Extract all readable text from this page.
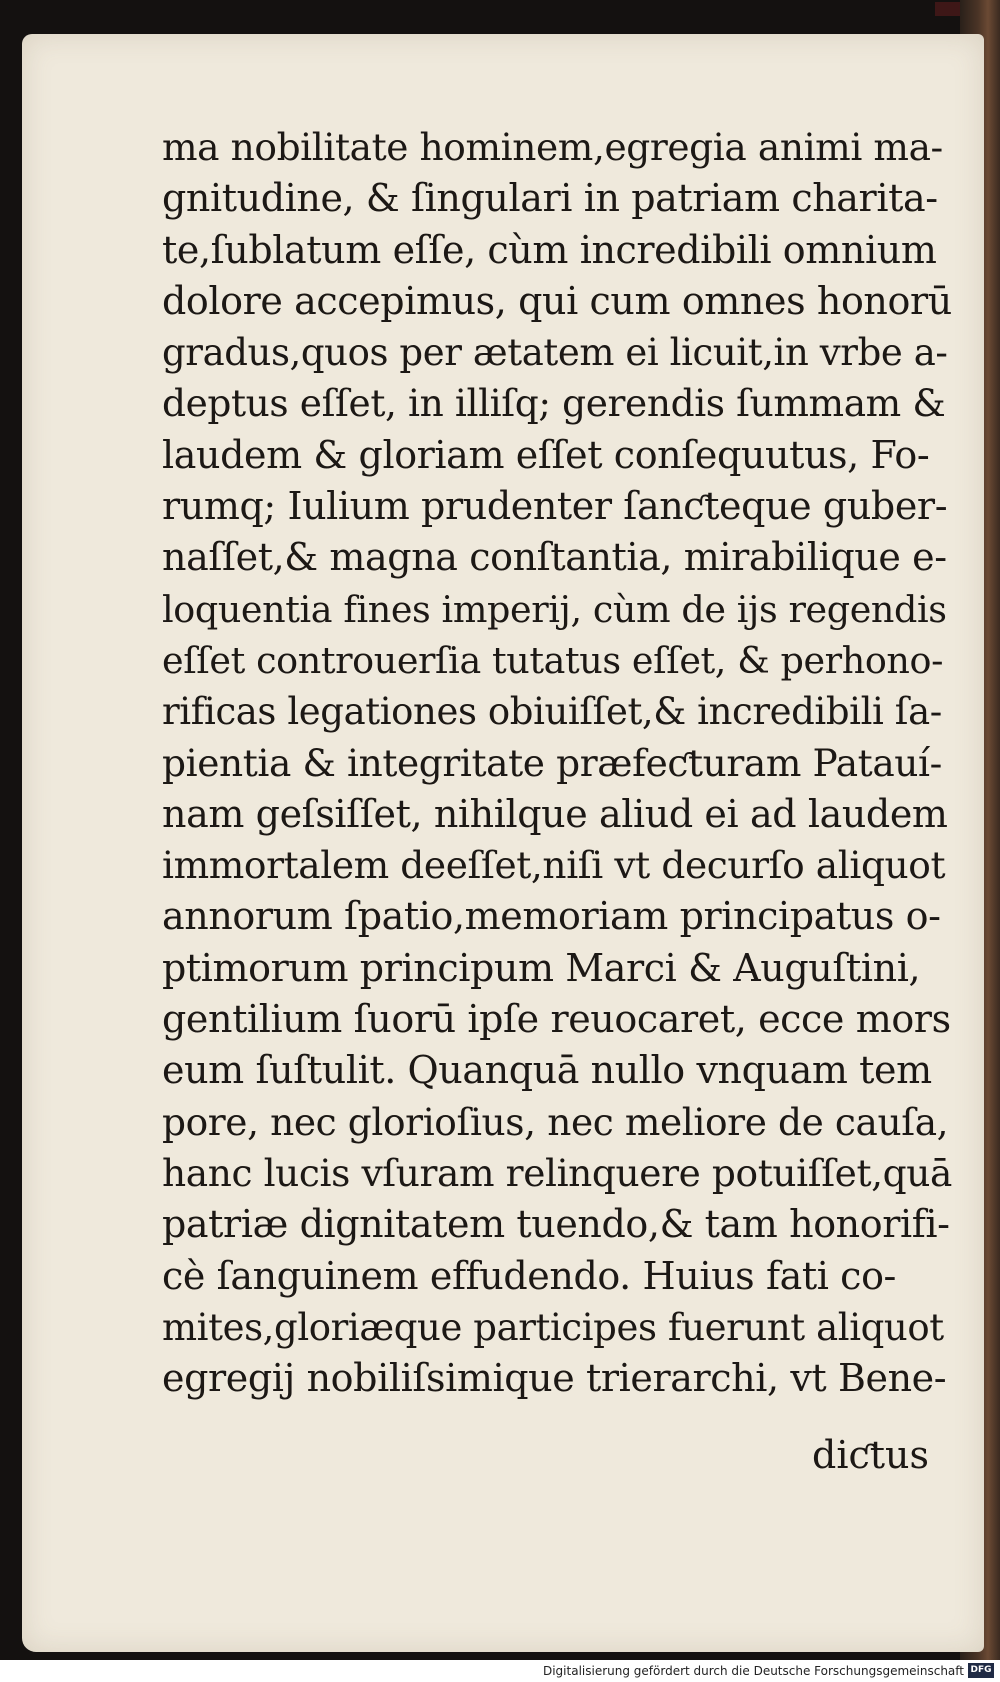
ma nobilitate hominem,egregia animi ma‐
gnitudine, & ſingulari in patriam charita‐
te,ſublatum eſſe, cùm incredibili omnium
dolore accepimus, qui cum omnes honorū
gradus,quos per ætatem ei licuit,in vrbe a‐
deptus eſſet, in illiſq; gerendis ſummam &
laudem & gloriam eſſet conſequutus, Fo‐
rumq; Iulium prudenter ſanƈteque guber‐
naſſet,& magna conſtantia, mirabilique e‐
loquentia fines imperij, cùm de ijs regendis
eſſet controuerſia tutatus eſſet, & perhono‐
rificas legationes obiuiſſet,& incredibili ſa‐
pientia & integritate præfeƈturam Patauí‐
nam geſsiſſet, nihilque aliud ei ad laudem
immortalem deeſſet,niſi vt decurſo aliquot
annorum ſpatio,memoriam principatus o‐
ptimorum principum Marci & Auguſtini,
gentilium ſuorū ipſe reuocaret, ecce mors
eum ſuſtulit. Quanquā nullo vnquam tem
pore, nec glorioſius, nec meliore de cauſa,
hanc lucis vſuram relinquere potuiſſet,quā
patriæ dignitatem tuendo,& tam honorifi‐
cè ſanguinem effudendo. Huius fati co‐
mites,gloriæque participes fuerunt aliquot
egregij nobiliſsimique trierarchi, vt Bene‐
diƈtus
Digitalisierung gefördert durch die Deutsche Forschungsgemeinschaft DFG
